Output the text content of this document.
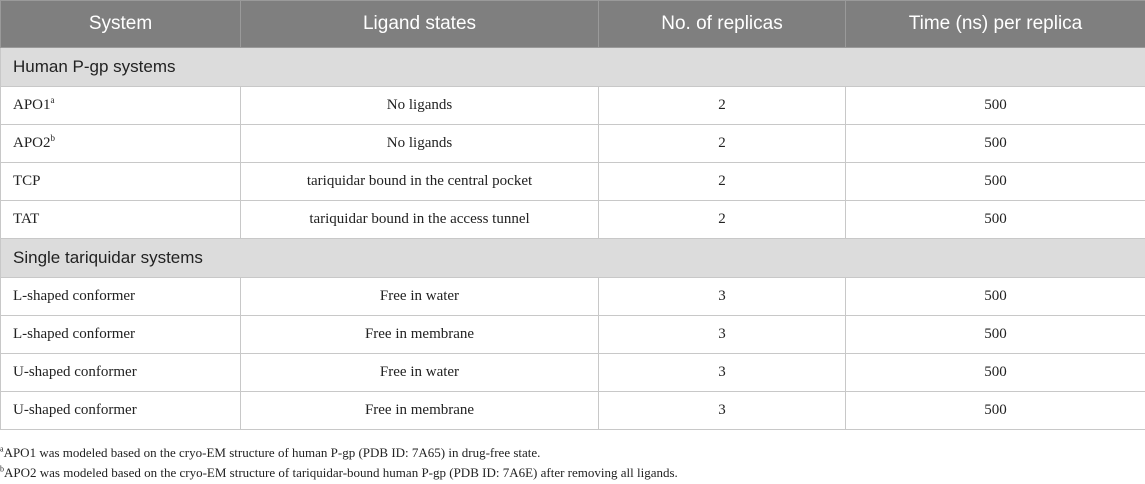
System	Ligand states	No. of replicas	Time (ns) per replica
Human P-gp systems			
APO1$^a$	No ligands	2	500
APO2$^b$	No ligands	2	500
TCP	tariquidar bound in the central pocket	2	500
TAT	tariquidar bound in the access tunnel	2	500
Single tariquidar systems			
L-shaped conformer	Free in water	3	500
L-shaped conformer	Free in membrane	3	500
U-shaped conformer	Free in water	3	500
U-shaped conformer	Free in membrane	3	500
$^a$APO1 was modeled based on the cryo-EM structure of human P-gp (PDB ID: 7A65) in drug-free state.
$^b$APO2 was modeled based on the cryo-EM structure of tariquidar-bound human P-gp (PDB ID: 7A6E) after removing all ligands.
